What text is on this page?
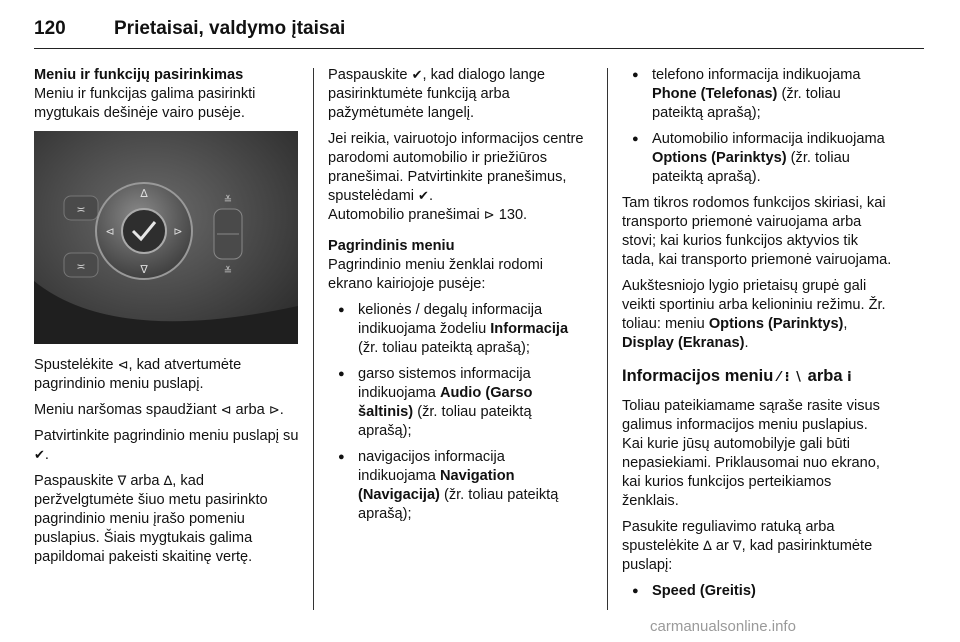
120	Prietaisai, valdymo įtaisai

Meniu ir funkcijų pasirinkimas

Meniu ir funkcijas galima pasirinkti mygtukais dešinėje vairo pusėje.

≍
≍
∆
∇
⊲	⊳
≚
≚

Spustelėkite ⊲, kad atvertumėte pagrindinio meniu puslapį.

Meniu naršomas spaudžiant ⊲ arba ⊳.

Patvirtinkite pagrindinio meniu puslapį su ✔.

Paspauskite ∇ arba ∆, kad peržvelgtumėte šiuo metu pasirinkto pagrindinio meniu įrašo pomeniu puslapius. Šiais mygtukais galima papildomai pakeisti skaitinę vertę.

Paspauskite ✔, kad dialogo lange pasirinktumėte funkciją arba pažymėtumėte langelį.

Jei reikia, vairuotojo informacijos centre parodomi automobilio ir priežiūros pranešimai. Patvirtinkite pranešimus, spustelėdami ✔.
Automobilio pranešimai ⊳ 130.

Pagrindinis meniu

Pagrindinio meniu ženklai rodomi ekrano kairiojoje pusėje:

● kelionės / degalų informacija indikuojama žodeliu Informacija (žr. toliau pateiktą aprašą);
● garso sistemos informacija indikuojama Audio (Garso šaltinis) (žr. toliau pateiktą aprašą);
● navigacijos informacija indikuojama Navigation (Navigacija) (žr. toliau pateiktą aprašą);
● telefono informacija indikuojama Phone (Telefonas) (žr. toliau pateiktą aprašą);
● Automobilio informacija indikuojama Options (Parinktys) (žr. toliau pateiktą aprašą).

Tam tikros rodomos funkcijos skiriasi, kai transporto priemonė vairuojama arba stovi; kai kurios funkcijos aktyvios tik tada, kai transporto priemonė vairuojama.

Aukštesniojo lygio prietaisų grupė gali veikti sportiniu arba kelioniniu režimu. Žr. toliau: meniu Options (Parinktys), Display (Ekranas).

Informacijos meniu ⁄ ⁝ ∖ arba ⅰ

Toliau pateikiamame sąraše rasite visus galimus informacijos meniu puslapius. Kai kurie jūsų automobilyje gali būti nepasiekiami. Priklausomai nuo ekrano, kai kurios funkcijos perteikiamos ženklais.

Pasukite reguliavimo ratuką arba spustelėkite ∆ ar ∇, kad pasirinktumėte puslapį:

● Speed (Greitis)
carmanualsonline.info
